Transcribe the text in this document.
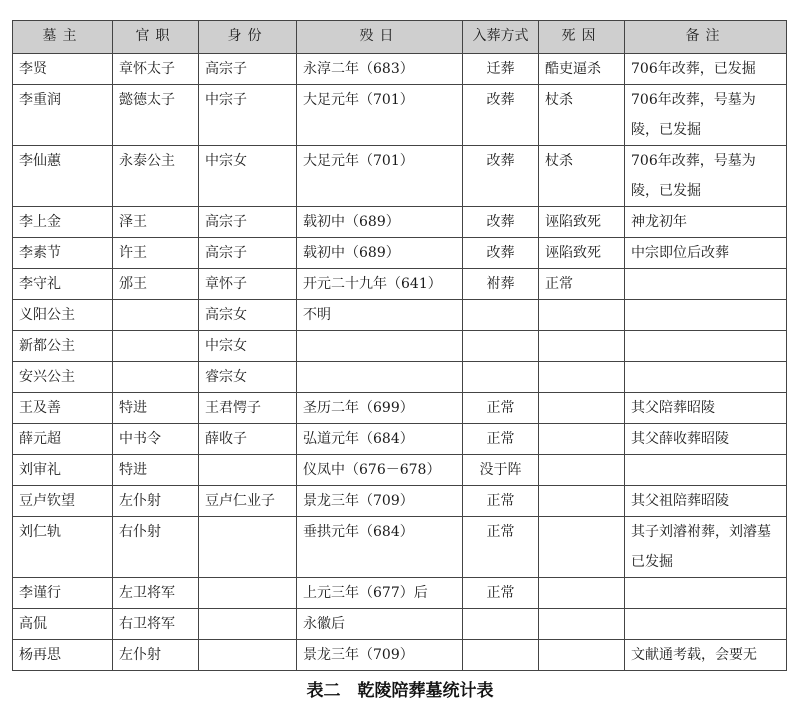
墓主	官职	身份	殁日	入葬方式	死因	备注
李贤	章怀太子	高宗子	永淳二年（683）	迁葬	酷吏逼杀	706年改葬，已发掘
李重润	懿德太子	中宗子	大足元年（701）	改葬	杖杀	706年改葬，号墓为陵，已发掘
李仙蕙	永泰公主	中宗女	大足元年（701）	改葬	杖杀	706年改葬，号墓为陵，已发掘
李上金	泽王	高宗子	载初中（689）	改葬	诬陷致死	神龙初年
李素节	许王	高宗子	载初中（689）	改葬	诬陷致死	中宗即位后改葬
李守礼	邠王	章怀子	开元二十九年（641）	祔葬	正常	
义阳公主		高宗女	不明			
新都公主		中宗女				
安兴公主		睿宗女				
王及善	特进	王君愕子	圣历二年（699）	正常		其父陪葬昭陵
薛元超	中书令	薛收子	弘道元年（684）	正常		其父薛收葬昭陵
刘审礼	特进		仪凤中（676－678）	没于阵		
豆卢钦望	左仆射	豆卢仁业子	景龙三年（709）	正常		其父祖陪葬昭陵
刘仁轨	右仆射		垂拱元年（684）	正常		其子刘濬祔葬，刘濬墓已发掘
李谨行	左卫将军		上元三年（677）后	正常		
高侃	右卫将军		永徽后			
杨再思	左仆射		景龙三年（709）			文献通考载，会要无
表二　乾陵陪葬墓统计表
